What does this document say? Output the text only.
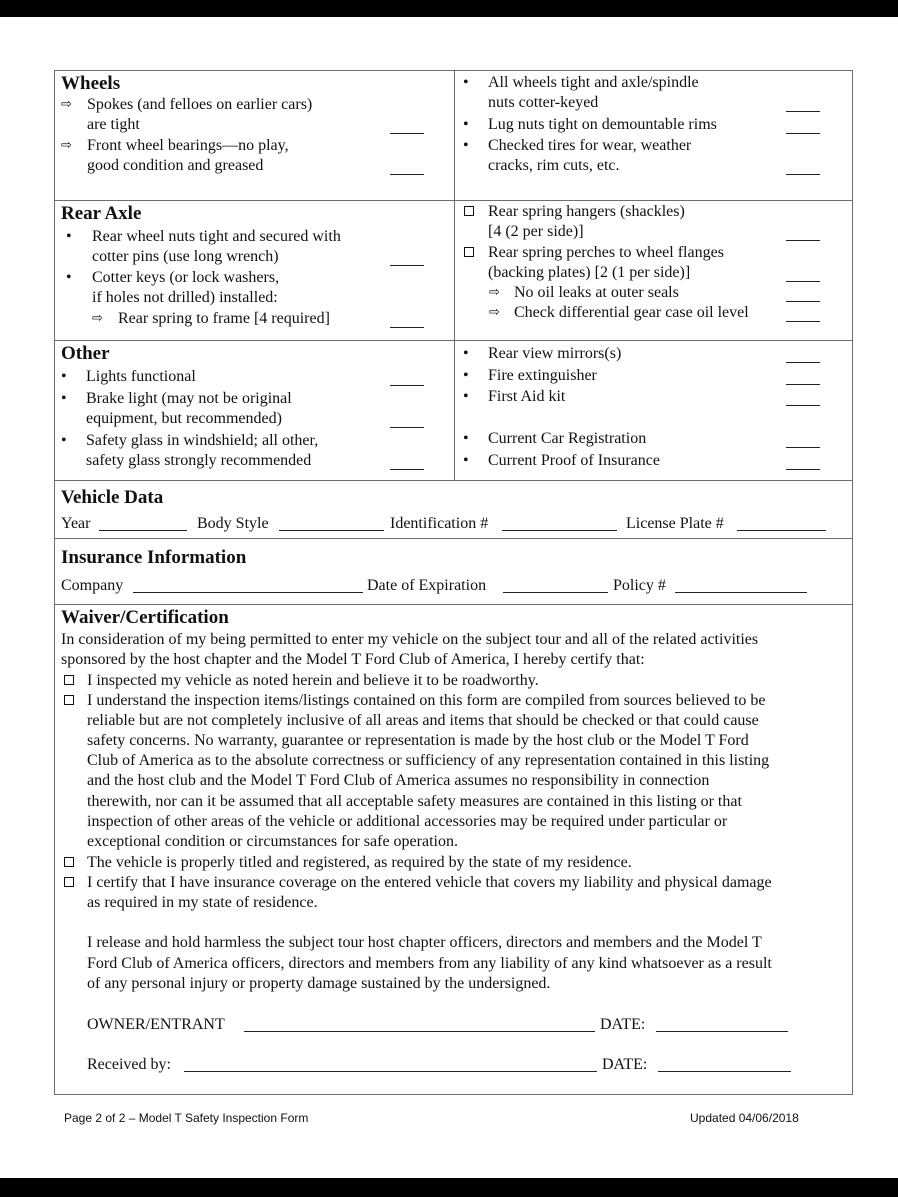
Wheels
⇨ Spokes (and felloes on earlier cars)
are tight
⇨ Front wheel bearings—no play,
good condition and greased
• All wheels tight and axle/spindle
nuts cotter-keyed
• Lug nuts tight on demountable rims
• Checked tires for wear, weather
cracks, rim cuts, etc.
Rear Axle
• Rear wheel nuts tight and secured with
cotter pins (use long wrench)
• Cotter keys (or lock washers,
if holes not drilled) installed:
⇨ Rear spring to frame [4 required]
Rear spring hangers (shackles)
[4 (2 per side)]
Rear spring perches to wheel flanges
(backing plates) [2 (1 per side)]
⇨ No oil leaks at outer seals
⇨ Check differential gear case oil level
Other
• Lights functional
• Brake light (may not be original
equipment, but recommended)
• Safety glass in windshield; all other,
safety glass strongly recommended
• Rear view mirrors(s)
• Fire extinguisher
• First Aid kit
• Current Car Registration
• Current Proof of Insurance
Vehicle Data
Year	Body Style	Identification #	License Plate #
Insurance Information
Company	Date of Expiration	Policy #
Waiver/Certification
In consideration of my being permitted to enter my vehicle on the subject tour and all of the related activities
sponsored by the host chapter and the Model T Ford Club of America, I hereby certify that:
I inspected my vehicle as noted herein and believe it to be roadworthy.
I understand the inspection items/listings contained on this form are compiled from sources believed to be
reliable but are not completely inclusive of all areas and items that should be checked or that could cause
safety concerns. No warranty, guarantee or representation is made by the host club or the Model T Ford
Club of America as to the absolute correctness or sufficiency of any representation contained in this listing
and the host club and the Model T Ford Club of America assumes no responsibility in connection
therewith, nor can it be assumed that all acceptable safety measures are contained in this listing or that
inspection of other areas of the vehicle or additional accessories may be required under particular or
exceptional condition or circumstances for safe operation.
The vehicle is properly titled and registered, as required by the state of my residence.
I certify that I have insurance coverage on the entered vehicle that covers my liability and physical damage
as required in my state of residence.
I release and hold harmless the subject tour host chapter officers, directors and members and the Model T
Ford Club of America officers, directors and members from any liability of any kind whatsoever as a result
of any personal injury or property damage sustained by the undersigned.
OWNER/ENTRANT	DATE:
Received by:	DATE:
Page 2 of 2 – Model T Safety Inspection Form	Updated 04/06/2018
